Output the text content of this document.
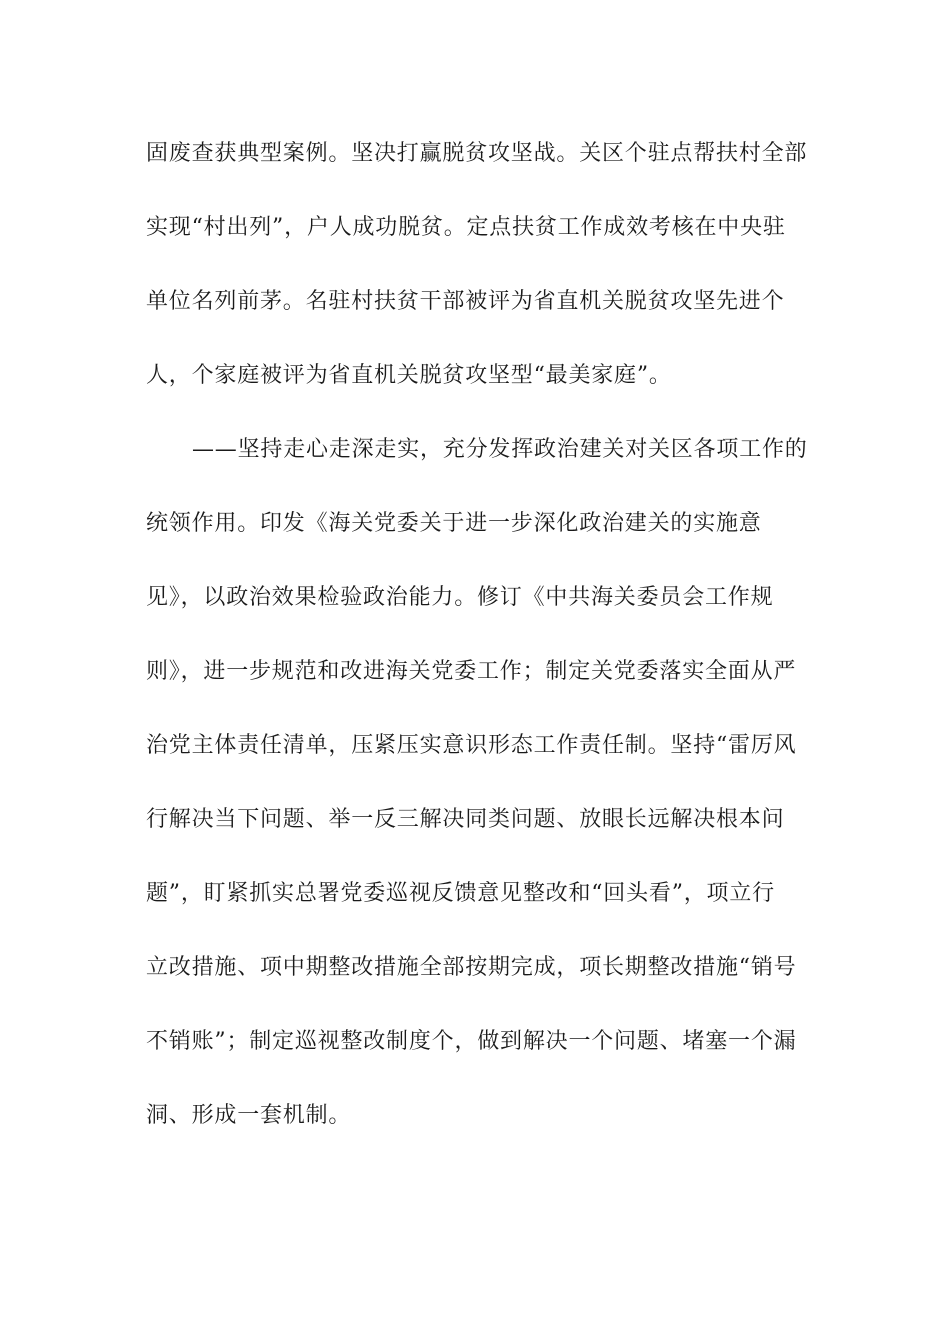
固废查获典型案例。坚决打赢脱贫攻坚战。关区个驻点帮扶村全部
实现“村出列”，户人成功脱贫。定点扶贫工作成效考核在中央驻
单位名列前茅。名驻村扶贫干部被评为省直机关脱贫攻坚先进个
人，个家庭被评为省直机关脱贫攻坚型“最美家庭”。
——坚持走心走深走实，充分发挥政治建关对关区各项工作的
统领作用。印发《海关党委关于进一步深化政治建关的实施意
见》，以政治效果检验政治能力。修订《中共海关委员会工作规
则》，进一步规范和改进海关党委工作；制定关党委落实全面从严
治党主体责任清单，压紧压实意识形态工作责任制。坚持“雷厉风
行解决当下问题、举一反三解决同类问题、放眼长远解决根本问
题”，盯紧抓实总署党委巡视反馈意见整改和“回头看”，项立行
立改措施、项中期整改措施全部按期完成，项长期整改措施“销号
不销账”；制定巡视整改制度个，做到解决一个问题、堵塞一个漏
洞、形成一套机制。
